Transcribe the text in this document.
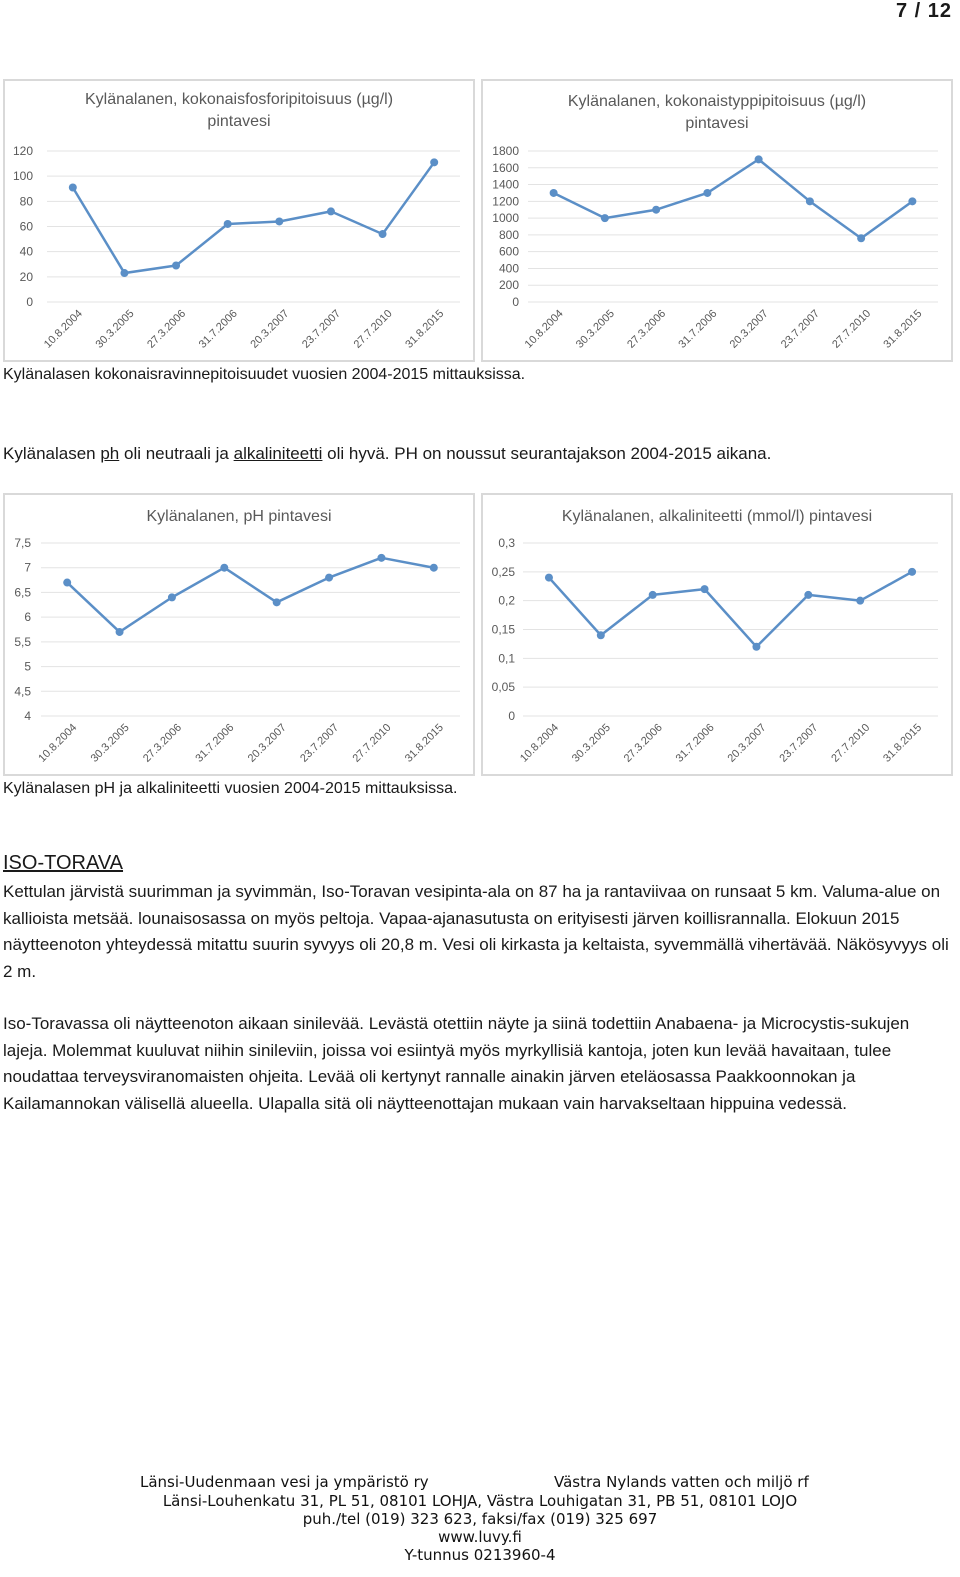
7 / 12
Kylänalanen, kokonaisfosforipitoisuus (µg/l)
pintavesi
120
100
80
60
40
20
0
10.8.2004 30.3.2005 27.3.2006 31.7.2006 20.3.2007 23.7.2007 27.7.2010 31.8.2015
Kylänalanen, kokonaistyppipitoisuus (µg/l)
pintavesi
1800
1600
1400
1200
1000
800
600
400
200
0
10.8.2004 30.3.2005 27.3.2006 31.7.2006 20.3.2007 23.7.2007 27.7.2010 31.8.2015
Kylänalasen kokonaisravinnepitoisuudet vuosien 2004-2015 mittauksissa.
Kylänalasen ph oli neutraali ja alkaliniteetti oli hyvä. PH on noussut seurantajakson 2004-2015 aikana.
Kylänalanen, pH pintavesi
7,5
7
6,5
6
5,5
5
4,5
4
10.8.2004 30.3.2005 27.3.2006 31.7.2006 20.3.2007 23.7.2007 27.7.2010 31.8.2015
Kylänalanen, alkaliniteetti (mmol/l) pintavesi
0,3
0,25
0,2
0,15
0,1
0,05
0
10.8.2004 30.3.2005 27.3.2006 31.7.2006 20.3.2007 23.7.2007 27.7.2010 31.8.2015
Kylänalasen pH ja alkaliniteetti vuosien 2004-2015 mittauksissa.
ISO-TORAVA
Kettulan järvistä suurimman ja syvimmän, Iso-Toravan vesipinta-ala on 87 ha ja rantaviivaa on runsaat 5 km. Valuma-alue on kallioista metsää. lounaisosassa on myös peltoja. Vapaa-ajanasutusta on erityisesti järven koillisrannalla. Elokuun 2015 näytteenoton yhteydessä mitattu suurin syvyys oli 20,8 m. Vesi oli kirkasta ja keltaista, syvemmällä vihertävää. Näkösyvyys oli 2 m.
Iso-Toravassa oli näytteenoton aikaan sinilevää. Levästä otettiin näyte ja siinä todettiin Anabaena- ja Microcystis-sukujen lajeja. Molemmat kuuluvat niihin sinileviin, joissa voi esiintyä myös myrkyllisiä kantoja, joten kun levää havaitaan, tulee noudattaa terveysviranomaisten ohjeita. Levää oli kertynyt rannalle ainakin järven eteläosassa Paakkoonnokan ja Kailamannokan välisellä alueella. Ulapalla sitä oli näytteenottajan mukaan vain harvakseltaan hippuina vedessä.
Länsi-Uudenmaan vesi ja ympäristö ry	Västra Nylands vatten och miljö rf
Länsi-Louhenkatu 31, PL 51, 08101 LOHJA, Västra Louhigatan 31, PB 51, 08101 LOJO
puh./tel (019) 323 623, faksi/fax (019) 325 697
www.luvy.fi
Y-tunnus 0213960-4
